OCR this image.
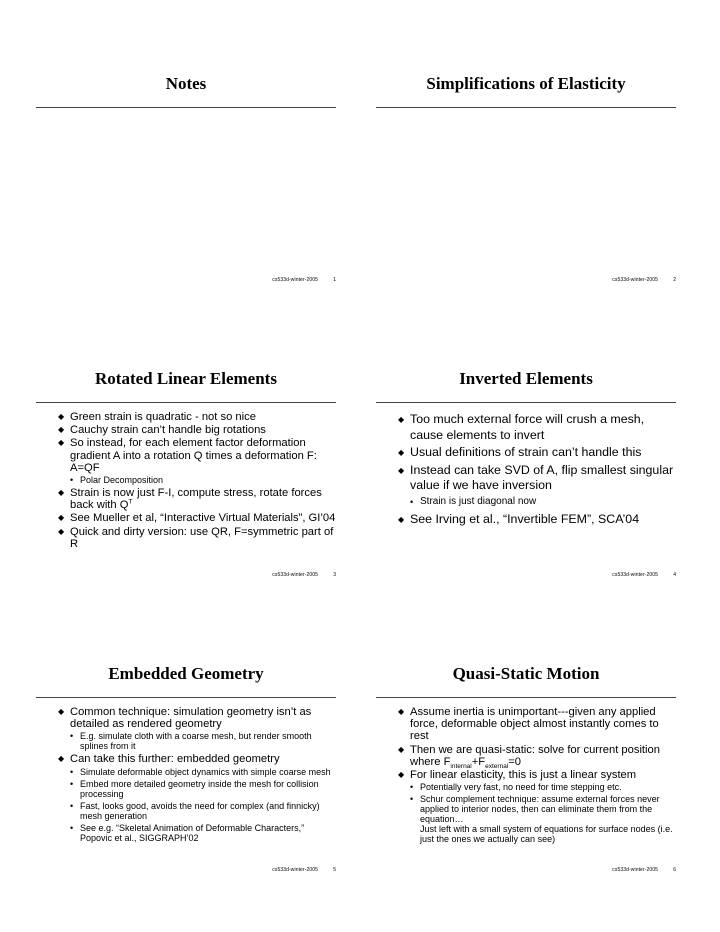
Notes
cs533d-winter-2005	1
Simplifications of Elasticity
cs533d-winter-2005	2
Rotated Linear Elements
◆ Green strain is quadratic - not so nice
◆ Cauchy strain can’t handle big rotations
◆ So instead, for each element factor deformation gradient A into a rotation Q times a deformation F: A=QF
• Polar Decomposition
◆ Strain is now just F-I, compute stress, rotate forces back with $Q^T$
◆ See Mueller et al, “Interactive Virtual Materials”, GI’04
◆ Quick and dirty version: use QR, F=symmetric part of R
cs533d-winter-2005	3
Inverted Elements
◆ Too much external force will crush a mesh, cause elements to invert
◆ Usual definitions of strain can’t handle this
◆ Instead can take SVD of A, flip smallest singular value if we have inversion
• Strain is just diagonal now
◆ See Irving et al., “Invertible FEM”, SCA’04
cs533d-winter-2005	4
Embedded Geometry
◆ Common technique: simulation geometry isn’t as detailed as rendered geometry
• E.g. simulate cloth with a coarse mesh, but render smooth splines from it
◆ Can take this further: embedded geometry
• Simulate deformable object dynamics with simple coarse mesh
• Embed more detailed geometry inside the mesh for collision processing
• Fast, looks good, avoids the need for complex (and finnicky) mesh generation
• See e.g. “Skeletal Animation of Deformable Characters,” Popovic et al., SIGGRAPH’02
cs533d-winter-2005	5
Quasi-Static Motion
◆ Assume inertia is unimportant---given any applied force, deformable object almost instantly comes to rest
◆ Then we are quasi-static: solve for current position where $F_{internal}+F_{external}=0$
◆ For linear elasticity, this is just a linear system
• Potentially very fast, no need for time stepping etc.
• Schur complement technique: assume external forces never applied to interior nodes, then can eliminate them from the equation…
Just left with a small system of equations for surface nodes (i.e. just the ones we actually can see)
cs533d-winter-2005	6
